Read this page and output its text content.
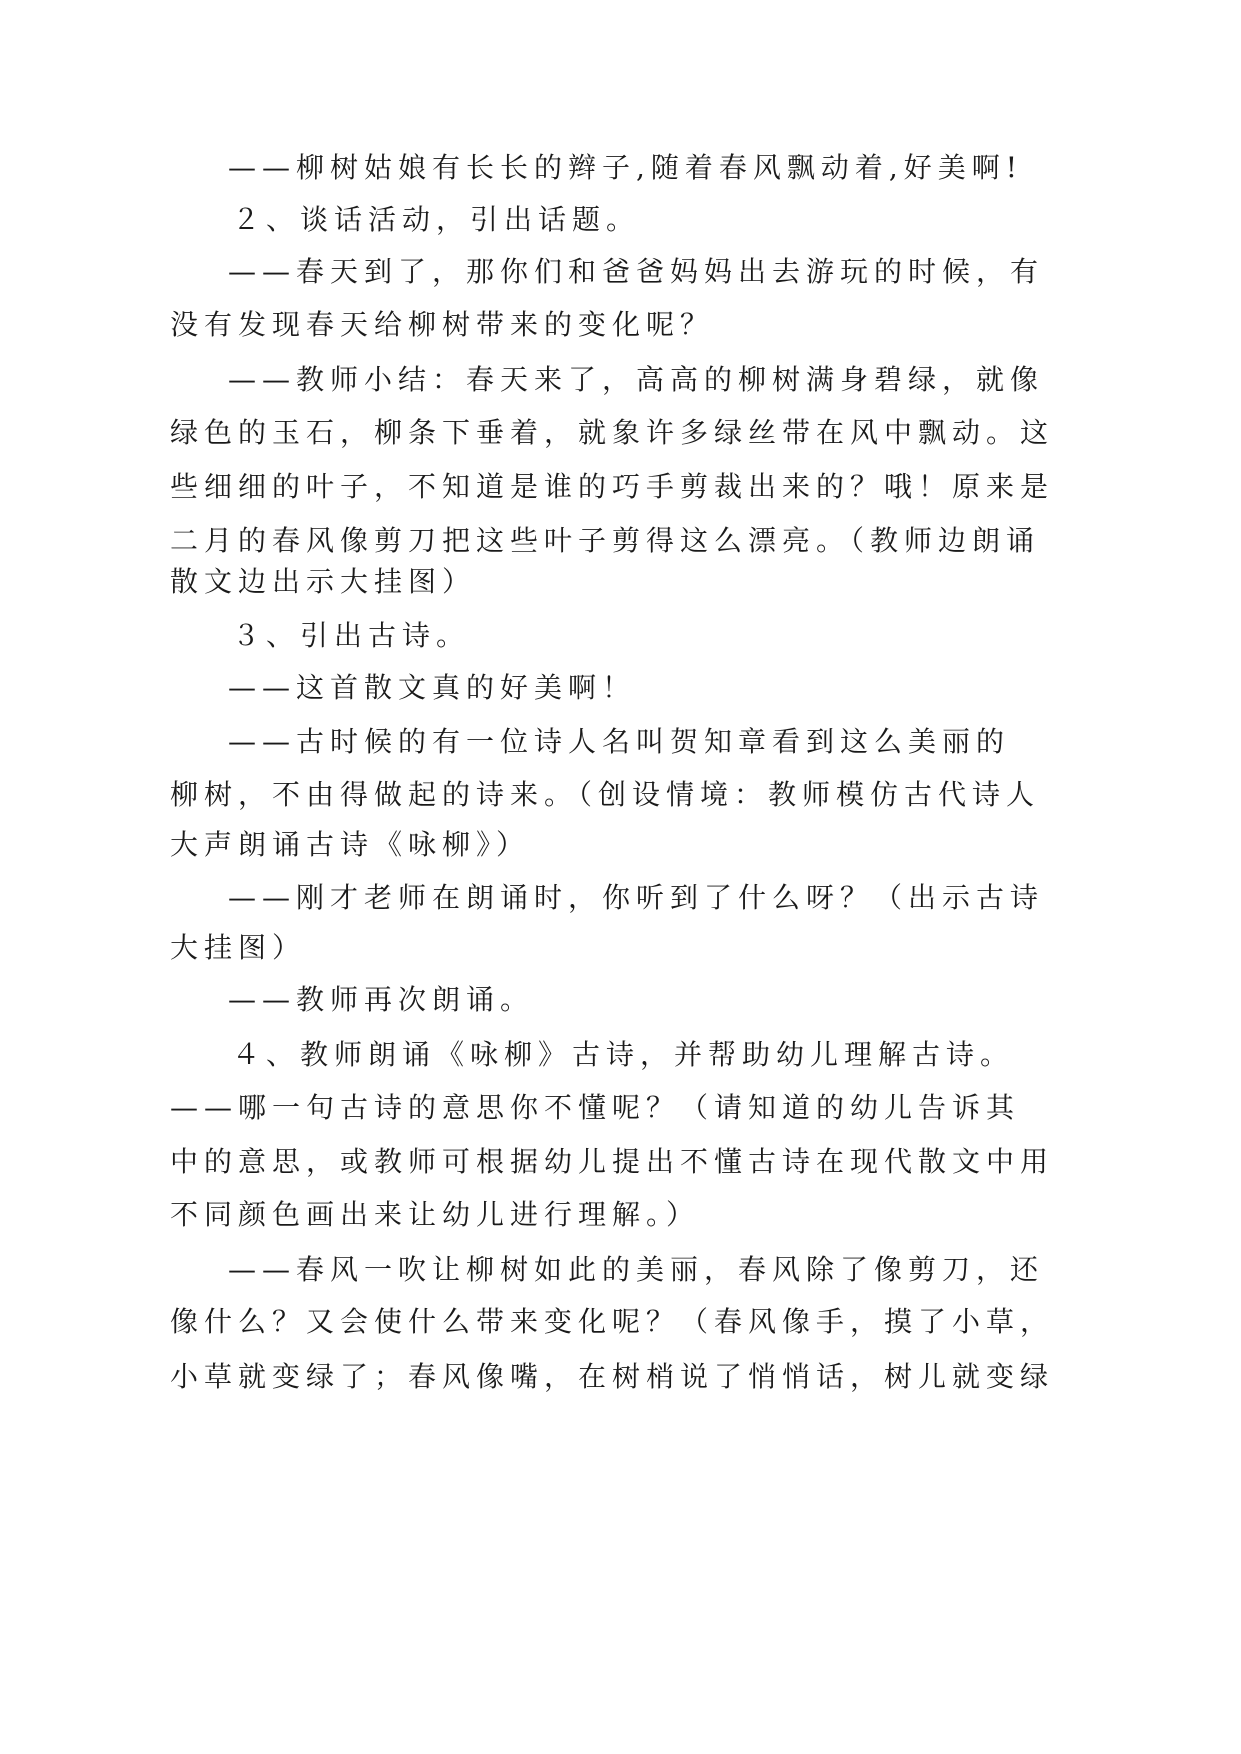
——柳树姑娘有长长的辫子,随着春风飘动着,好美啊!
２、谈话活动，引出话题。
——春天到了，那你们和爸爸妈妈出去游玩的时候，有
没有发现春天给柳树带来的变化呢？
——教师小结：春天来了，高高的柳树满身碧绿，就像
绿色的玉石，柳条下垂着，就象许多绿丝带在风中飘动。这
些细细的叶子，不知道是谁的巧手剪裁出来的？哦！原来是
二月的春风像剪刀把这些叶子剪得这么漂亮。（教师边朗诵
散文边出示大挂图）
３、引出古诗。
——这首散文真的好美啊！
——古时候的有一位诗人名叫贺知章看到这么美丽的
柳树，不由得做起的诗来。（创设情境：教师模仿古代诗人
大声朗诵古诗《咏柳》）
——刚才老师在朗诵时，你听到了什么呀？（出示古诗
大挂图）
——教师再次朗诵。
４、教师朗诵《咏柳》古诗，并帮助幼儿理解古诗。
——哪一句古诗的意思你不懂呢？（请知道的幼儿告诉其
中的意思，或教师可根据幼儿提出不懂古诗在现代散文中用
不同颜色画出来让幼儿进行理解。）
——春风一吹让柳树如此的美丽，春风除了像剪刀，还
像什么？又会使什么带来变化呢？（春风像手，摸了小草，
小草就变绿了；春风像嘴，在树梢说了悄悄话，树儿就变绿
